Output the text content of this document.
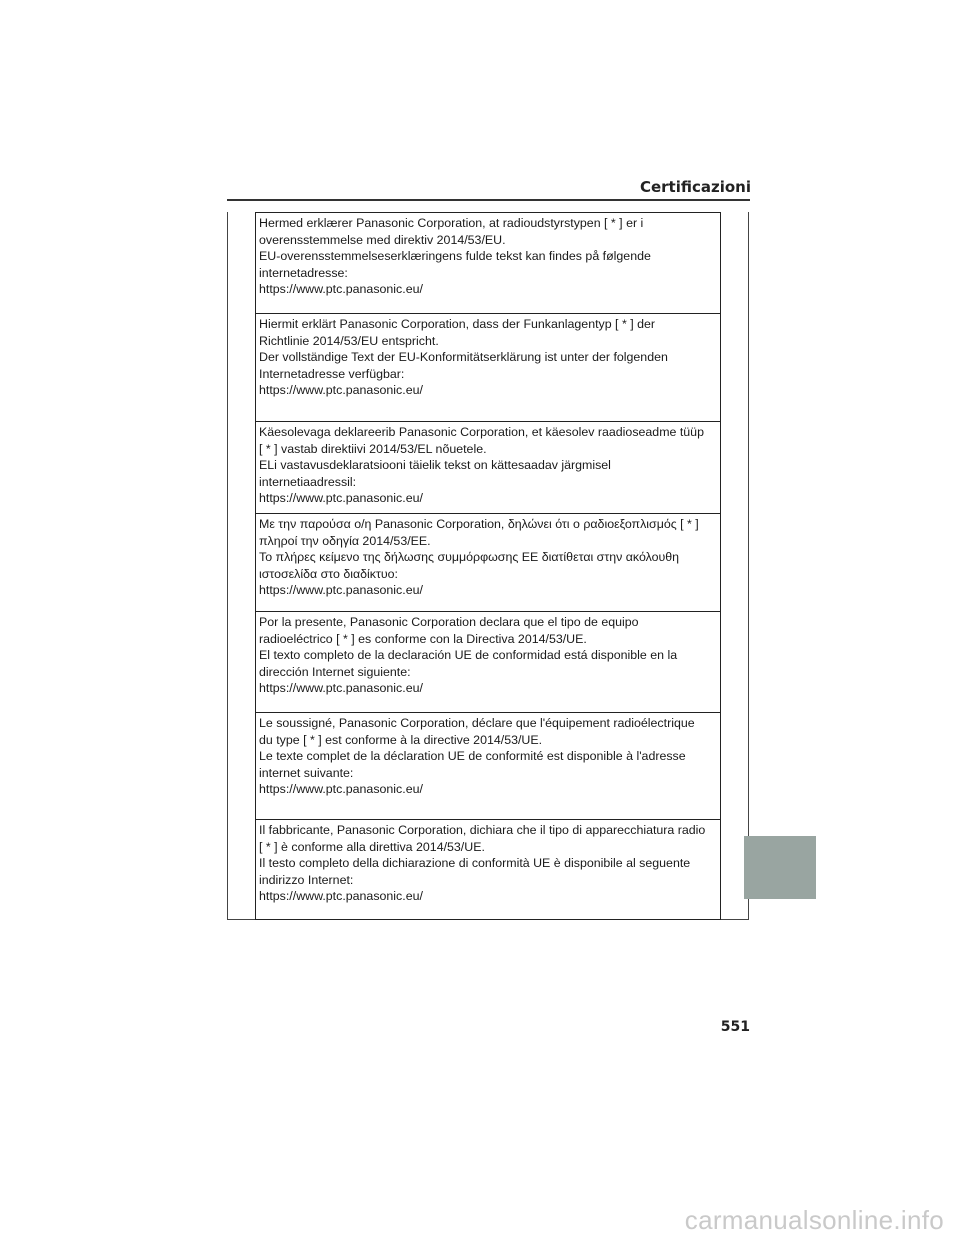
Certificazioni

Hermed erklærer Panasonic Corporation, at radioudstyrstypen [ * ] er i

overensstemmelse med direktiv 2014/53/EU.

EU-overensstemmelseserklæringens fulde tekst kan findes på følgende

internetadresse:

https://www.ptc.panasonic.eu/

Hiermit erklärt Panasonic Corporation, dass der Funkanlagentyp [ * ] der

Richtlinie 2014/53/EU entspricht.

Der vollständige Text der EU-Konformitätserklärung ist unter der folgenden

Internetadresse verfügbar:

https://www.ptc.panasonic.eu/

Käesolevaga deklareerib Panasonic Corporation, et käesolev raadioseadme tüüp

[ * ] vastab direktiivi 2014/53/EL nõuetele.

ELi vastavusdeklaratsiooni täielik tekst on kättesaadav järgmisel

internetiaadressil:

https://www.ptc.panasonic.eu/

Με την παρούσα ο/η Panasonic Corporation, δηλώνει ότι ο ραδιοεξοπλισμός [ * ]

πληροί την οδηγία 2014/53/ΕΕ.

Το πλήρες κείμενο της δήλωσης συμμόρφωσης ΕΕ διατίθεται στην ακόλουθη

ιστοσελίδα στο διαδίκτυο:

https://www.ptc.panasonic.eu/

Por la presente, Panasonic Corporation declara que el tipo de equipo

radioeléctrico [ * ] es conforme con la Directiva 2014/53/UE.

El texto completo de la declaración UE de conformidad está disponible en la

dirección Internet siguiente:

https://www.ptc.panasonic.eu/

Le soussigné, Panasonic Corporation, déclare que l'équipement radioélectrique

du type [ * ] est conforme à la directive 2014/53/UE.

Le texte complet de la déclaration UE de conformité est disponible à l'adresse

internet suivante:

https://www.ptc.panasonic.eu/

Il fabbricante, Panasonic Corporation, dichiara che il tipo di apparecchiatura radio

[ * ] è conforme alla direttiva 2014/53/UE.

Il testo completo della dichiarazione di conformità UE è disponibile al seguente

indirizzo Internet:

https://www.ptc.panasonic.eu/

551
carmanualsonline.info
